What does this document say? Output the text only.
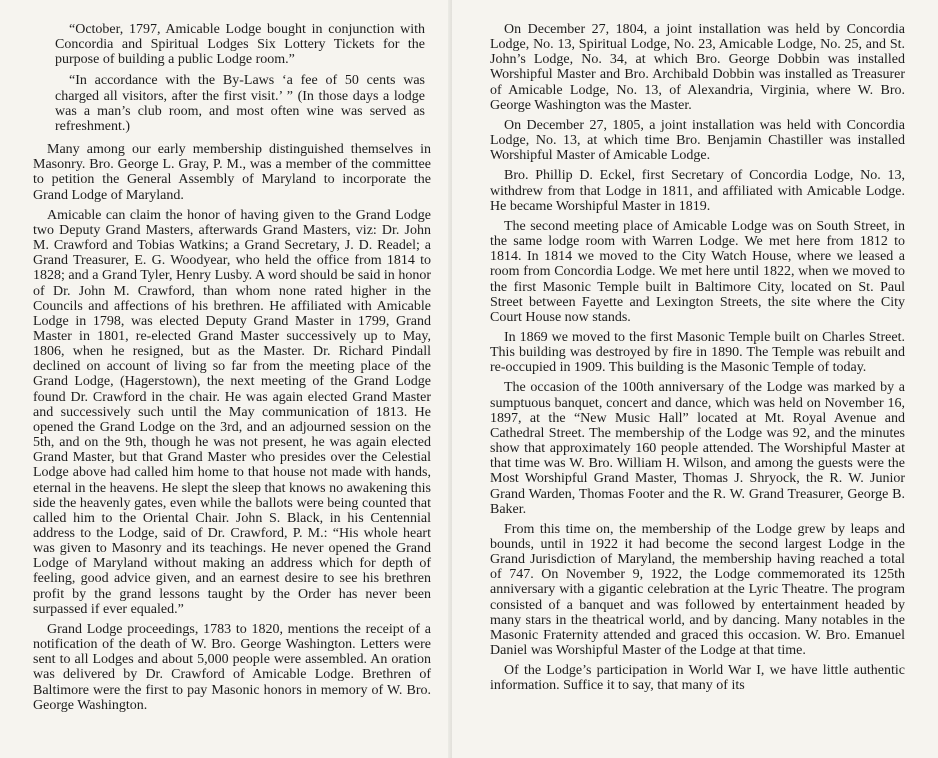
“October, 1797, Amicable Lodge bought in conjunction with Concordia and Spiritual Lodges Six Lottery Tickets for the purpose of building a public Lodge room.”

“In accordance with the By-Laws ‘a fee of 50 cents was charged all visitors, after the first visit.’ ” (In those days a lodge was a man’s club room, and most often wine was served as refreshment.)

Many among our early membership distinguished themselves in Masonry. Bro. George L. Gray, P. M., was a member of the committee to petition the General Assembly of Maryland to incorporate the Grand Lodge of Maryland.

Amicable can claim the honor of having given to the Grand Lodge two Deputy Grand Masters, afterwards Grand Masters, viz: Dr. John M. Crawford and Tobias Watkins; a Grand Secretary, J. D. Readel; a Grand Treasurer, E. G. Woodyear, who held the office from 1814 to 1828; and a Grand Tyler, Henry Lusby. A word should be said in honor of Dr. John M. Crawford, than whom none rated higher in the Councils and affections of his brethren. He affiliated with Amicable Lodge in 1798, was elected Deputy Grand Master in 1799, Grand Master in 1801, re-elected Grand Master successively up to May, 1806, when he resigned, but as the Master. Dr. Richard Pindall declined on account of living so far from the meeting place of the Grand Lodge, (Hagerstown), the next meeting of the Grand Lodge found Dr. Crawford in the chair. He was again elected Grand Master and successively such until the May communication of 1813. He opened the Grand Lodge on the 3rd, and an adjourned session on the 5th, and on the 9th, though he was not present, he was again elected Grand Master, but that Grand Master who presides over the Celestial Lodge above had called him home to that house not made with hands, eternal in the heavens. He slept the sleep that knows no awakening this side the heavenly gates, even while the ballots were being counted that called him to the Oriental Chair. John S. Black, in his Centennial address to the Lodge, said of Dr. Crawford, P. M.: “His whole heart was given to Masonry and its teachings. He never opened the Grand Lodge of Maryland without making an address which for depth of feeling, good advice given, and an earnest desire to see his brethren profit by the grand lessons taught by the Order has never been surpassed if ever equaled.”

Grand Lodge proceedings, 1783 to 1820, mentions the receipt of a notification of the death of W. Bro. George Washington. Letters were sent to all Lodges and about 5,000 people were assembled. An oration was delivered by Dr. Crawford of Amicable Lodge. Brethren of Baltimore were the first to pay Masonic honors in memory of W. Bro. George Washington.

On December 27, 1804, a joint installation was held by Concordia Lodge, No. 13, Spiritual Lodge, No. 23, Amicable Lodge, No. 25, and St. John’s Lodge, No. 34, at which Bro. George Dobbin was installed Worshipful Master and Bro. Archibald Dobbin was installed as Treasurer of Amicable Lodge, No. 13, of Alexandria, Virginia, where W. Bro. George Washington was the Master.

On December 27, 1805, a joint installation was held with Concordia Lodge, No. 13, at which time Bro. Benjamin Chastiller was installed Worshipful Master of Amicable Lodge.

Bro. Phillip D. Eckel, first Secretary of Concordia Lodge, No. 13, withdrew from that Lodge in 1811, and affiliated with Amicable Lodge. He became Worshipful Master in 1819.

The second meeting place of Amicable Lodge was on South Street, in the same lodge room with Warren Lodge. We met here from 1812 to 1814. In 1814 we moved to the City Watch House, where we leased a room from Concordia Lodge. We met here until 1822, when we moved to the first Masonic Temple built in Baltimore City, located on St. Paul Street between Fayette and Lexington Streets, the site where the City Court House now stands.

In 1869 we moved to the first Masonic Temple built on Charles Street. This building was destroyed by fire in 1890. The Temple was rebuilt and re-occupied in 1909. This building is the Masonic Temple of today.

The occasion of the 100th anniversary of the Lodge was marked by a sumptuous banquet, concert and dance, which was held on November 16, 1897, at the “New Music Hall” located at Mt. Royal Avenue and Cathedral Street. The membership of the Lodge was 92, and the minutes show that approximately 160 people attended. The Worshipful Master at that time was W. Bro. William H. Wilson, and among the guests were the Most Worshipful Grand Master, Thomas J. Shryock, the R. W. Junior Grand Warden, Thomas Footer and the R. W. Grand Treasurer, George B. Baker.

From this time on, the membership of the Lodge grew by leaps and bounds, until in 1922 it had become the second largest Lodge in the Grand Jurisdiction of Maryland, the membership having reached a total of 747. On November 9, 1922, the Lodge commemorated its 125th anniversary with a gigantic celebration at the Lyric Theatre. The program consisted of a banquet and was followed by entertainment headed by many stars in the theatrical world, and by dancing. Many notables in the Masonic Fraternity attended and graced this occasion. W. Bro. Emanuel Daniel was Worshipful Master of the Lodge at that time.

Of the Lodge’s participation in World War I, we have little authentic information. Suffice it to say, that many of its
